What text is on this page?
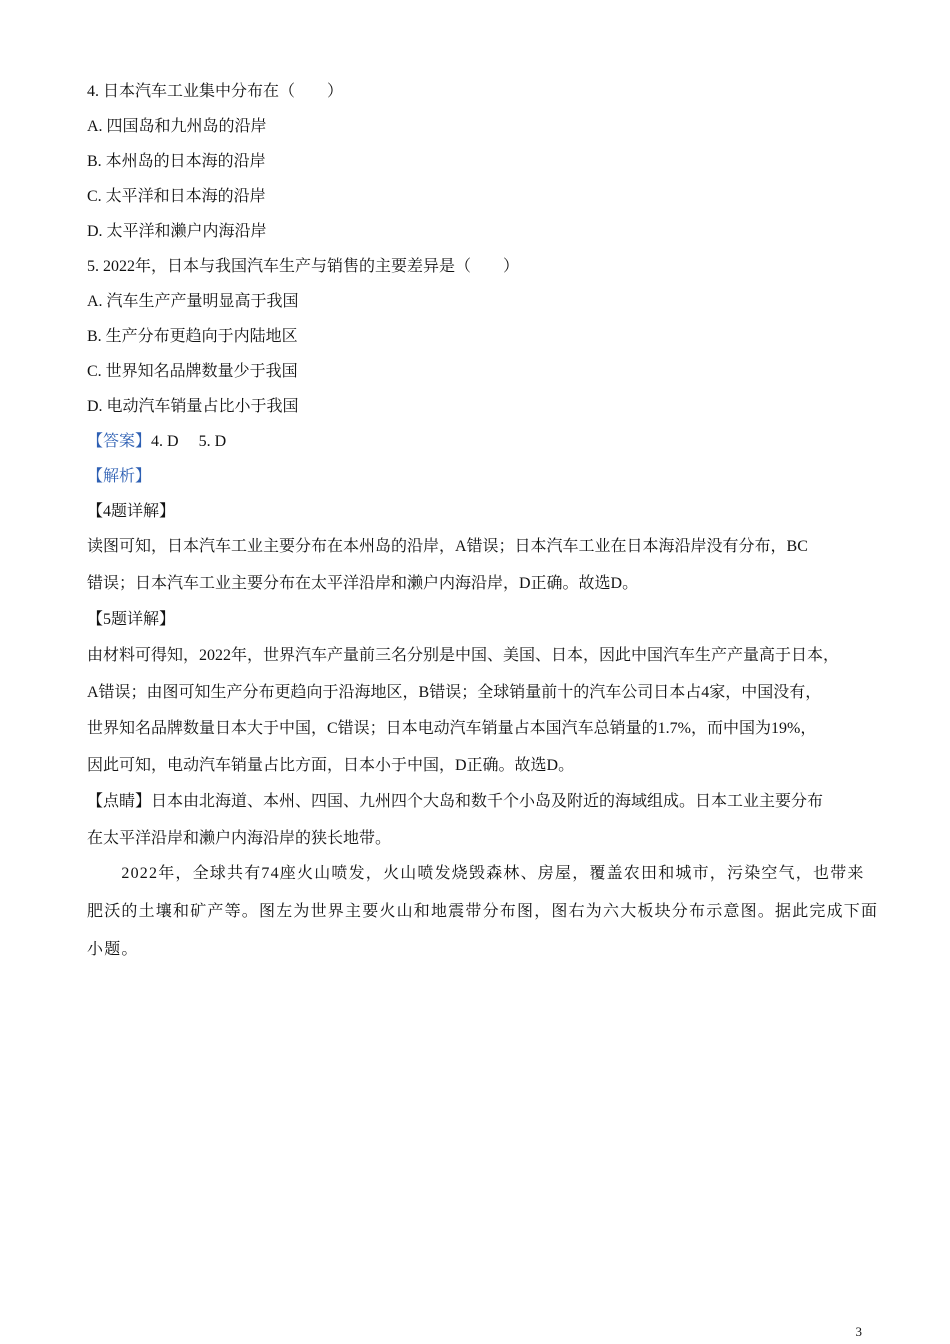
4. 日本汽车工业集中分布在（　　）
A. 四国岛和九州岛的沿岸
B. 本州岛的日本海的沿岸
C. 太平洋和日本海的沿岸
D. 太平洋和濑户内海沿岸
5. 2022年，日本与我国汽车生产与销售的主要差异是（　　）
A. 汽车生产产量明显高于我国
B. 生产分布更趋向于内陆地区
C. 世界知名品牌数量少于我国
D. 电动汽车销量占比小于我国
【答案】4. D　 5. D
【解析】
【4题详解】
读图可知，日本汽车工业主要分布在本州岛的沿岸，A错误；日本汽车工业在日本海沿岸没有分布，BC
错误；日本汽车工业主要分布在太平洋沿岸和濑户内海沿岸，D正确。故选D。
【5题详解】
由材料可得知，2022年，世界汽车产量前三名分别是中国、美国、日本，因此中国汽车生产产量高于日本，
A错误；由图可知生产分布更趋向于沿海地区，B错误；全球销量前十的汽车公司日本占4家，中国没有，
世界知名品牌数量日本大于中国，C错误；日本电动汽车销量占本国汽车总销量的1.7%，而中国为19%，
因此可知，电动汽车销量占比方面，日本小于中国，D正确。故选D。
【点睛】日本由北海道、本州、四国、九州四个大岛和数千个小岛及附近的海域组成。日本工业主要分布
在太平洋沿岸和濑户内海沿岸的狭长地带。
　　2022年，全球共有74座火山喷发，火山喷发烧毁森林、房屋，覆盖农田和城市，污染空气，也带来
肥沃的土壤和矿产等。图左为世界主要火山和地震带分布图，图右为六大板块分布示意图。据此完成下面
小题。
3
